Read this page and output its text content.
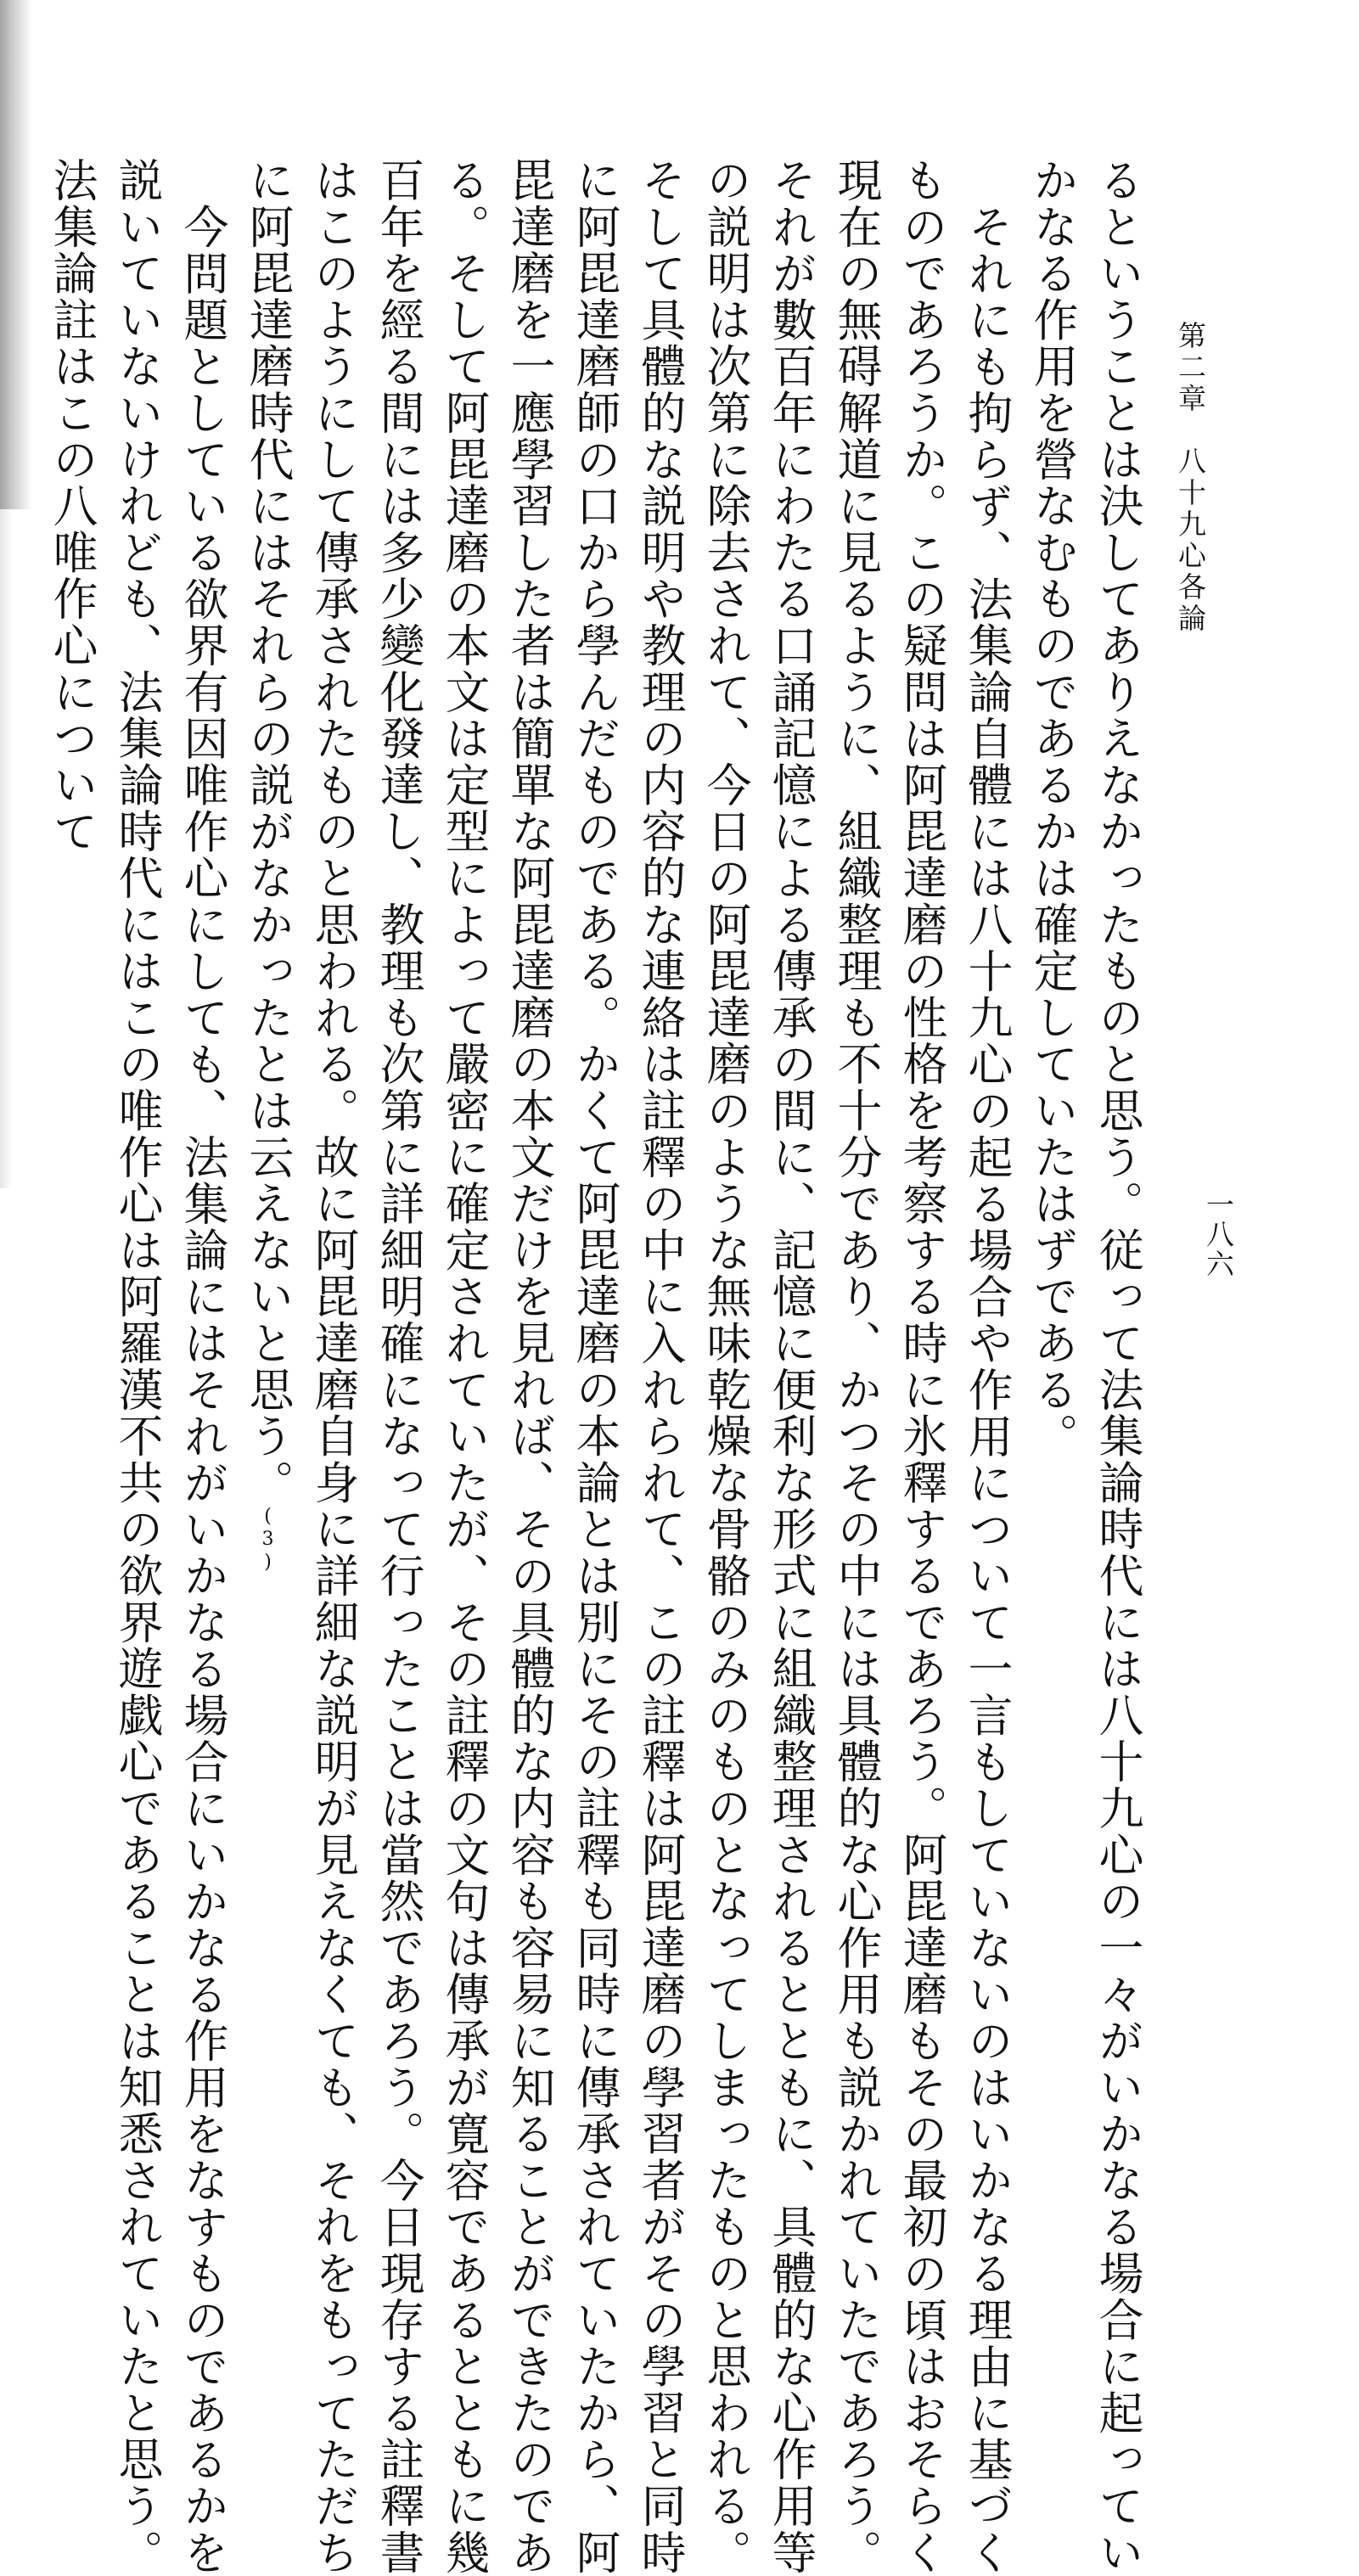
第二章　八十九心各論
一八六
るということは決してありえなかったものと思う。従って法集論時代には八十九心の一々がいかなる場合に起ってい
かなる作用を營なむものであるかは確定していたはずである。
それにも拘らず、法集論自體には八十九心の起る場合や作用について一言もしていないのはいかなる理由に基づく
ものであろうか。この疑問は阿毘達磨の性格を考察する時に氷釋するであろう。阿毘達磨もその最初の頃はおそらく
現在の無碍解道に見るように、組織整理も不十分であり、かつその中には具體的な心作用も説かれていたであろう。
それが數百年にわたる口誦記憶による傳承の間に、記憶に便利な形式に組織整理されるとともに、具體的な心作用等
の説明は次第に除去されて、今日の阿毘達磨のような無味乾燥な骨骼のみのものとなってしまったものと思われる。
そして具體的な説明や教理の内容的な連絡は註釋の中に入れられて、この註釋は阿毘達磨の學習者がその學習と同時
に阿毘達磨師の口から學んだものである。かくて阿毘達磨の本論とは別にその註釋も同時に傳承されていたから、阿
毘達磨を一應學習した者は簡單な阿毘達磨の本文だけを見れば、その具體的な内容も容易に知ることができたのであ
る。そして阿毘達磨の本文は定型によって嚴密に確定されていたが、その註釋の文句は傳承が寛容であるとともに幾
百年を經る間には多少變化發達し、教理も次第に詳細明確になって行ったことは當然であろう。今日現存する註釋書
はこのようにして傳承されたものと思われる。故に阿毘達磨自身に詳細な説明が見えなくても、それをもってただち
に阿毘達磨時代にはそれらの説がなかったとは云えないと思う。(3)
今問題としている欲界有因唯作心にしても、法集論にはそれがいかなる場合にいかなる作用をなすものであるかを
説いていないけれども、法集論時代にはこの唯作心は阿羅漢不共の欲界遊戯心であることは知悉されていたと思う。
法集論註はこの八唯作心について
